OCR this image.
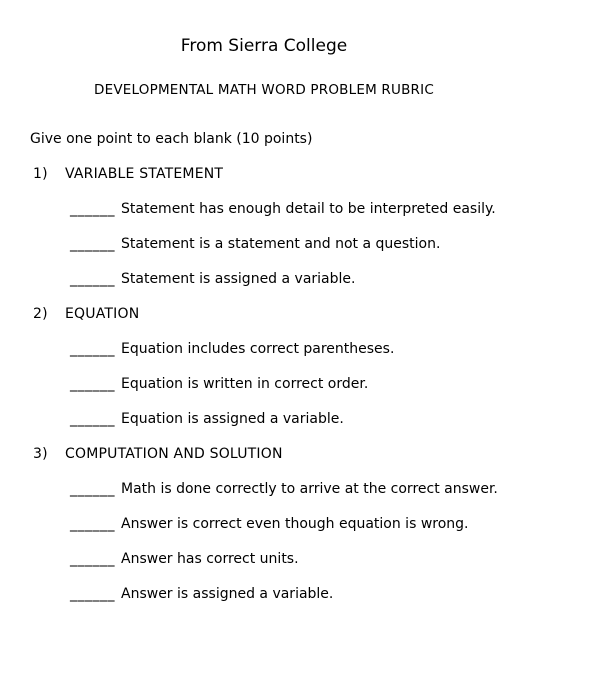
From Sierra College
DEVELOPMENTAL MATH WORD PROBLEM RUBRIC
Give one point to each blank (10 points)
1)	VARIABLE STATEMENT
______ Statement has enough detail to be interpreted easily.
______ Statement is a statement and not a question.
______ Statement is assigned a variable.
2)	EQUATION
______ Equation includes correct parentheses.
______ Equation is written in correct order.
______ Equation is assigned a variable.
3)	COMPUTATION AND SOLUTION
______ Math is done correctly to arrive at the correct answer.
______ Answer is correct even though equation is wrong.
______ Answer has correct units.
______ Answer is assigned a variable.
